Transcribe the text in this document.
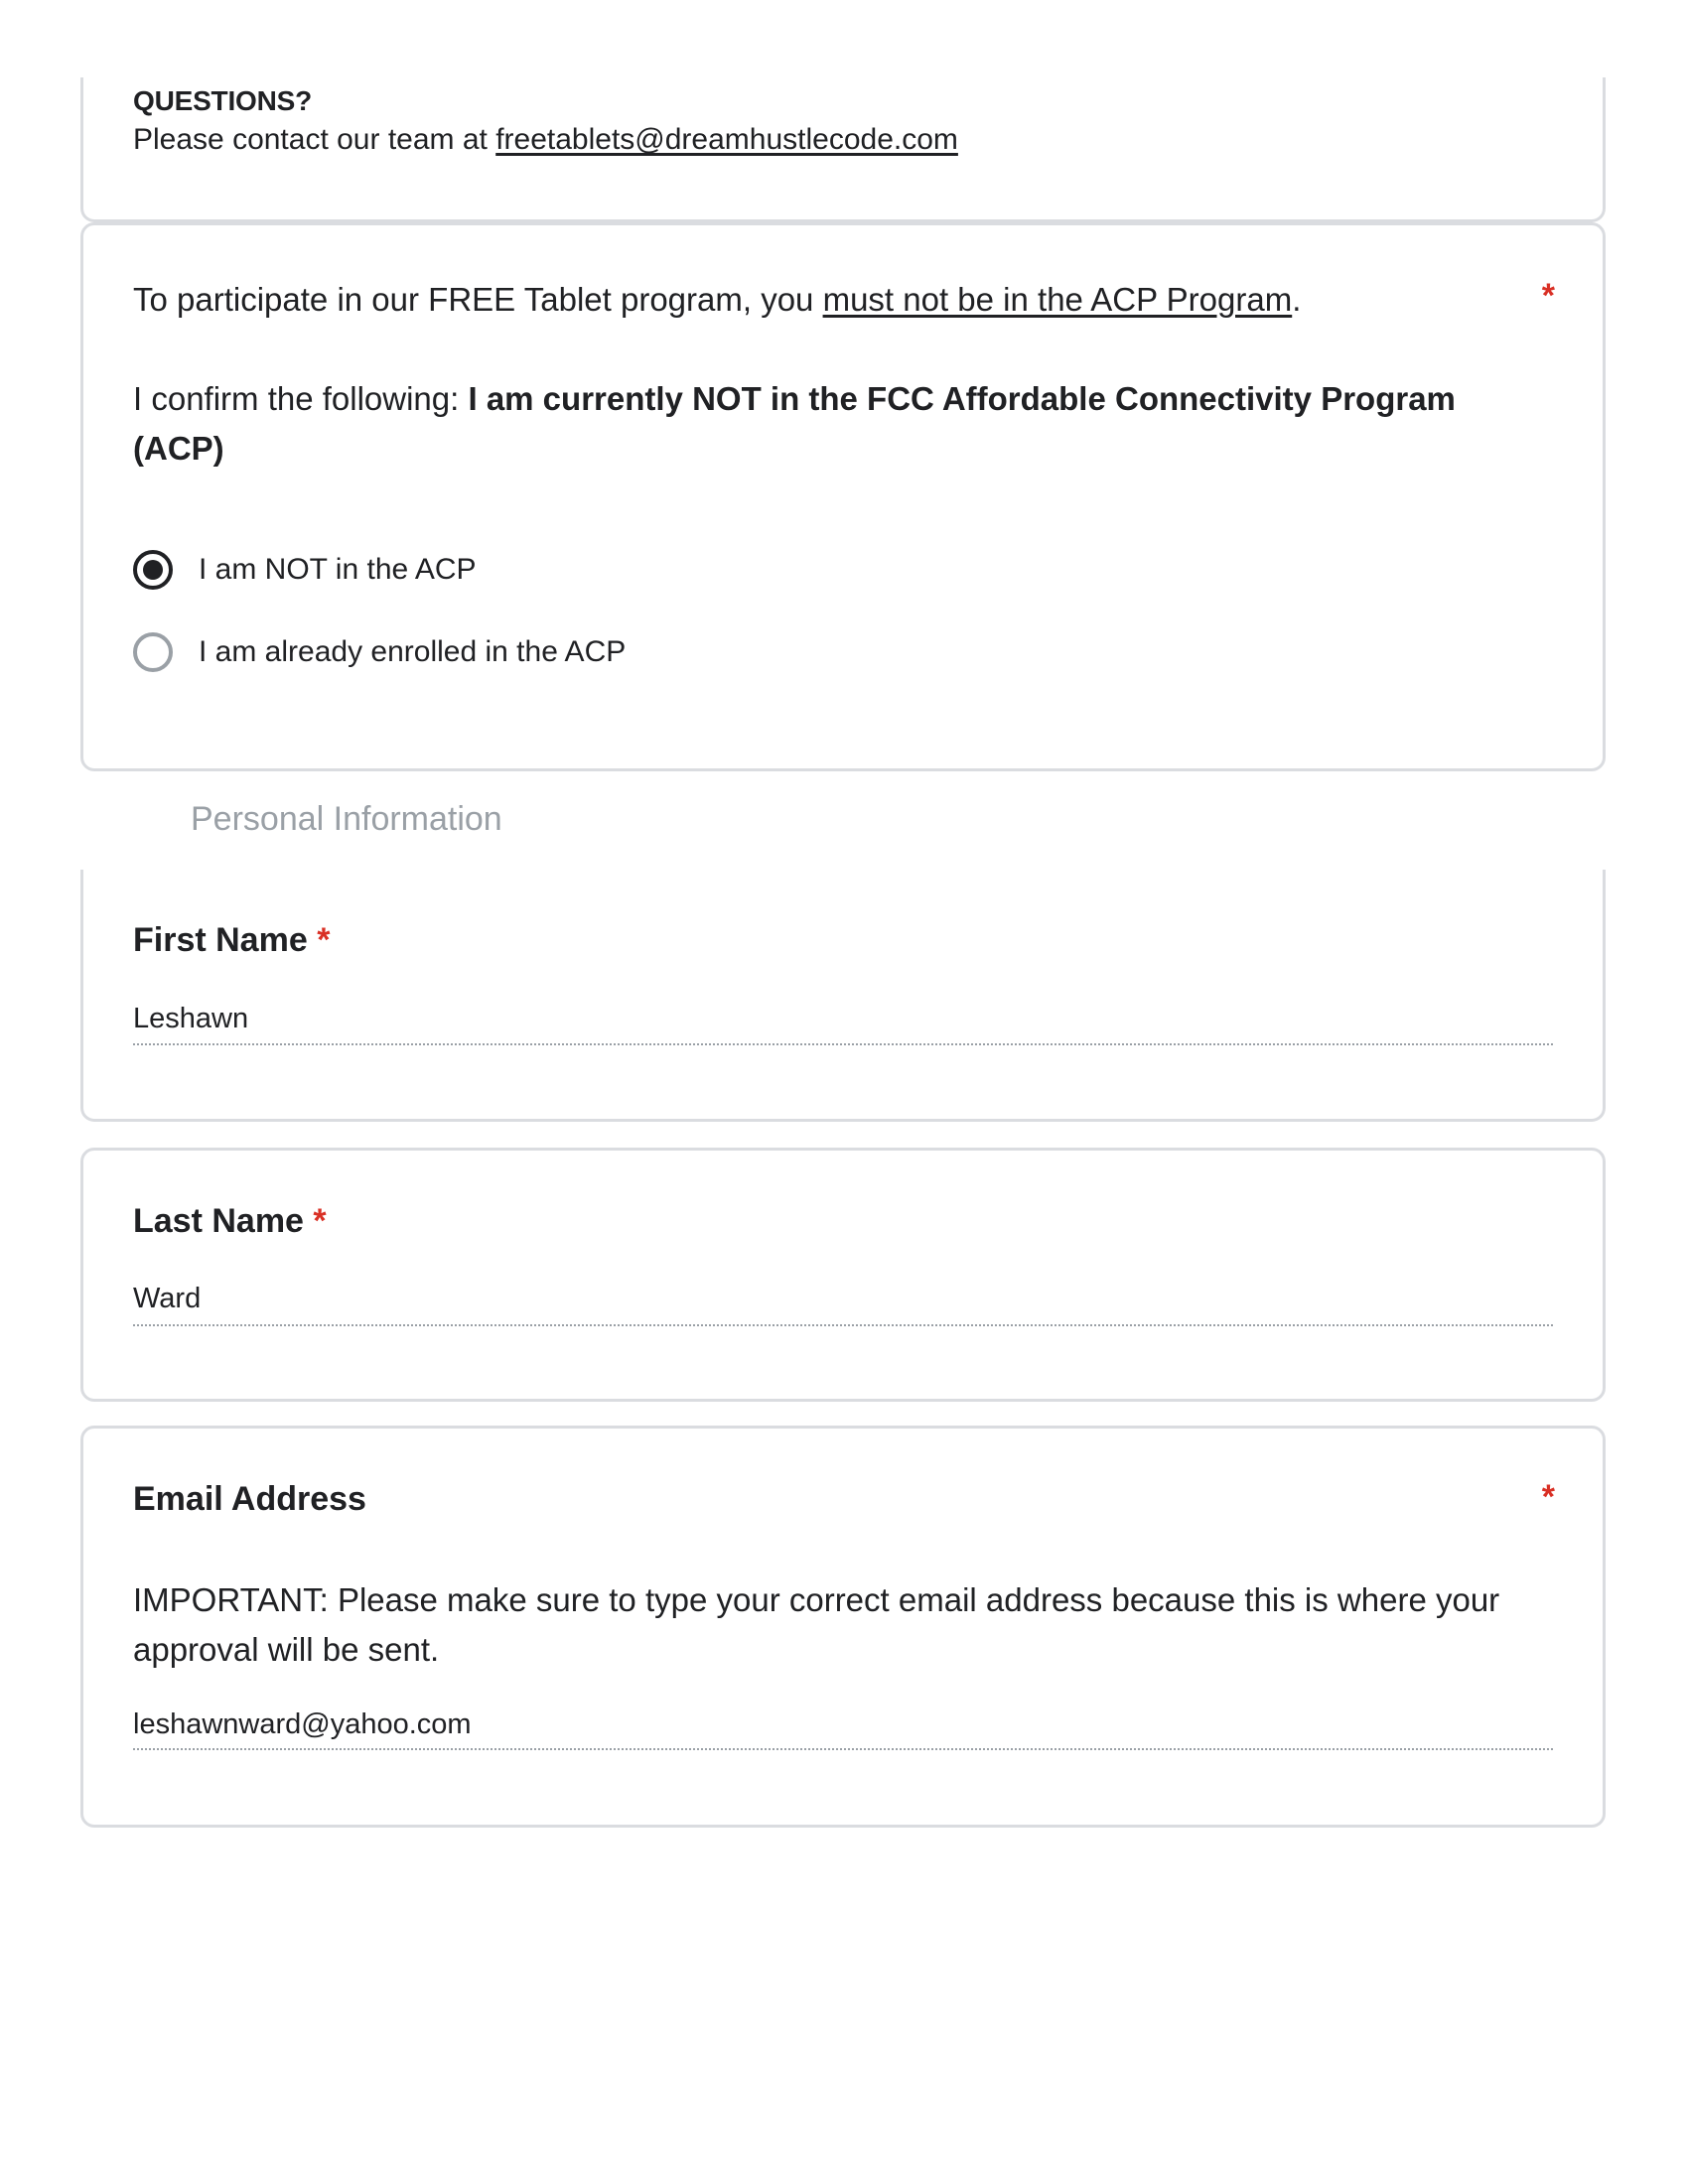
QUESTIONS?
Please contact our team at freetablets@dreamhustlecode.com
To participate in our FREE Tablet program, you must not be in the ACP Program.	*
I confirm the following: I am currently NOT in the FCC Affordable Connectivity Program (ACP)
I am NOT in the ACP
I am already enrolled in the ACP
Personal Information
First Name *
Leshawn
Last Name *
Ward
Email Address	*
IMPORTANT: Please make sure to type your correct email address because this is where your approval will be sent.
leshawnward@yahoo.com
